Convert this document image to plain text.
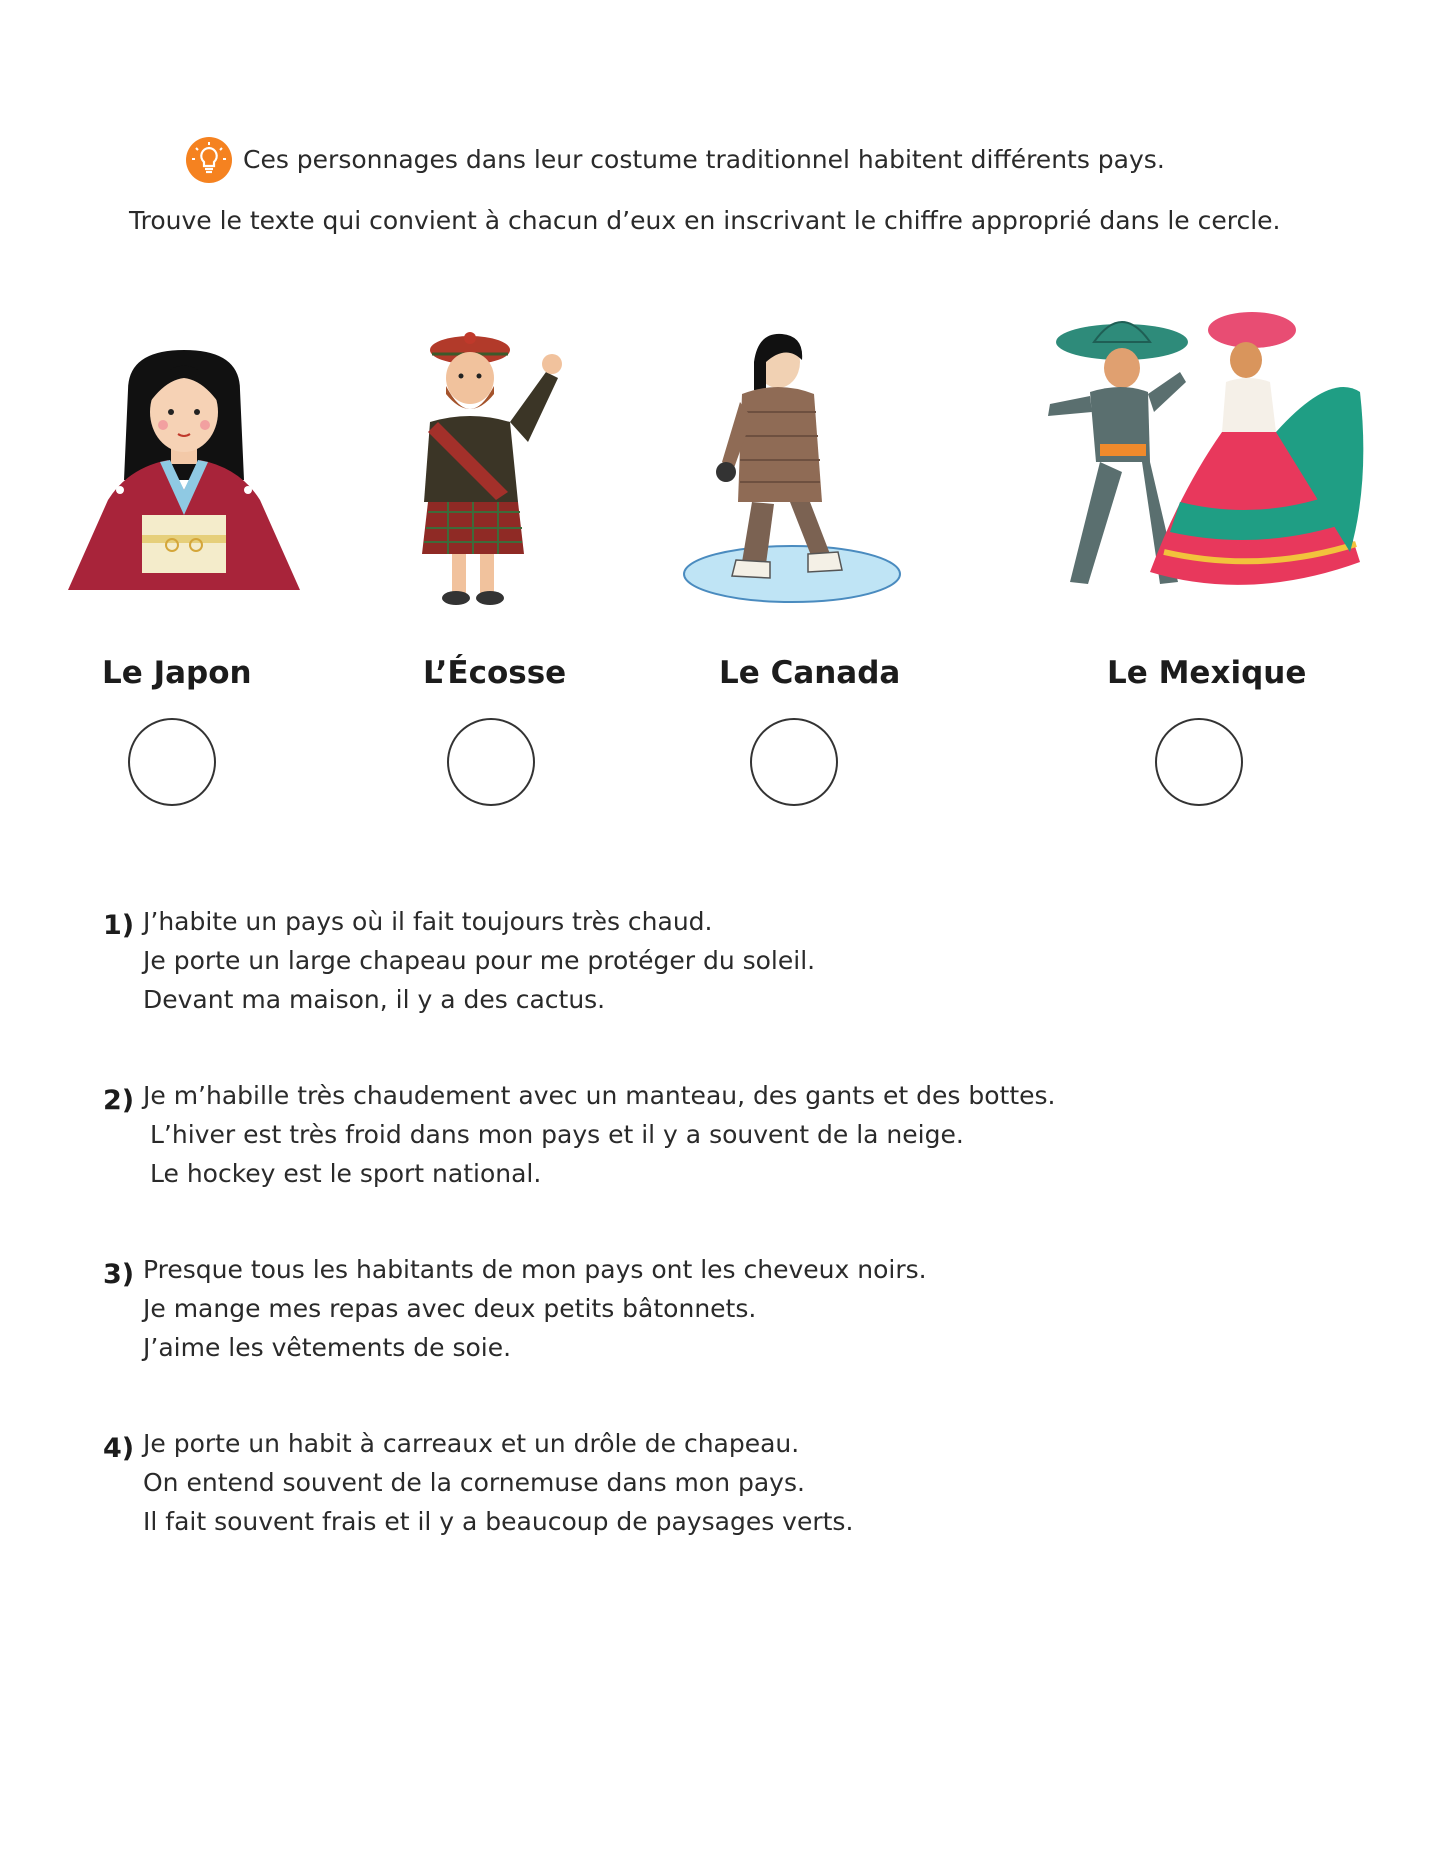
Ces personnages dans leur costume traditionnel habitent différents pays.
Trouve le texte qui convient à chacun d’eux en inscrivant le chiffre approprié dans le cercle.
Le Japon	L’Écosse	Le Canada	Le Mexique
1) J’habite un pays où il fait toujours très chaud.
Je porte un large chapeau pour me protéger du soleil.
Devant ma maison, il y a des cactus.
2) Je m’habille très chaudement avec un manteau, des gants et des bottes.
L’hiver est très froid dans mon pays et il y a souvent de la neige.
Le hockey est le sport national.
3) Presque tous les habitants de mon pays ont les cheveux noirs.
Je mange mes repas avec deux petits bâtonnets.
J’aime les vêtements de soie.
4) Je porte un habit à carreaux et un drôle de chapeau.
On entend souvent de la cornemuse dans mon pays.
Il fait souvent frais et il y a beaucoup de paysages verts.
